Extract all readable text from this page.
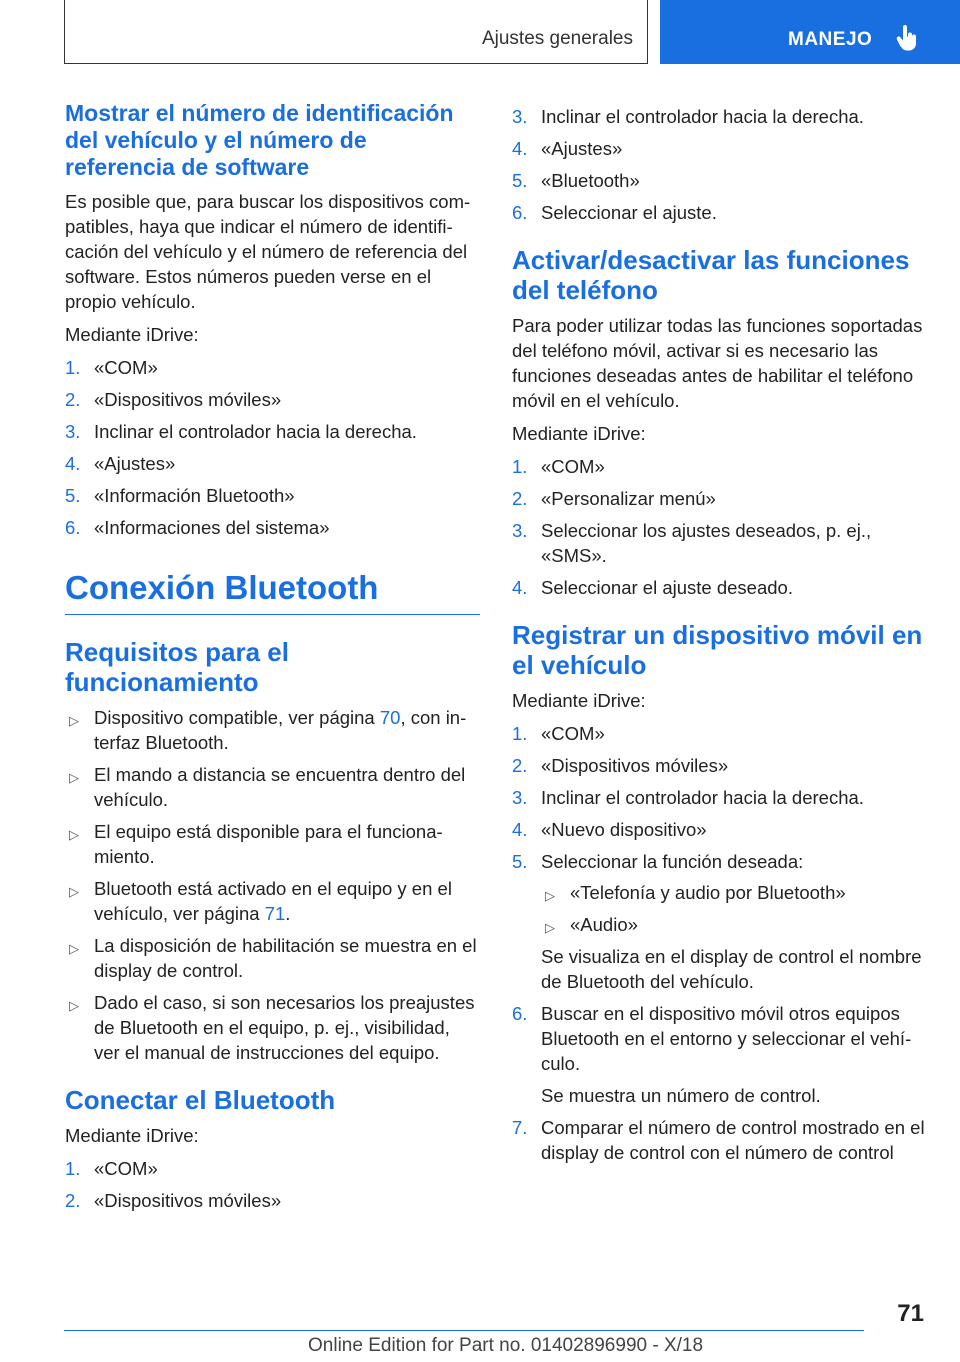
Ajustes generales	MANEJO
Mostrar el número de identificación del vehículo y el número de referencia de software

Es posible que, para buscar los dispositivos compatibles, haya que indicar el número de identificación del vehículo y el número de referencia del software. Estos números pueden verse en el propio vehículo.

Mediante iDrive:

1. «COM»
2. «Dispositivos móviles»
3. Inclinar el controlador hacia la derecha.
4. «Ajustes»
5. «Información Bluetooth»
6. «Informaciones del sistema»
Conexión Bluetooth
Requisitos para el funcionamiento
▷ Dispositivo compatible, ver página 70, con interfaz Bluetooth.
▷ El mando a distancia se encuentra dentro del vehículo.
▷ El equipo está disponible para el funcionamiento.
▷ Bluetooth está activado en el equipo y en el vehículo, ver página 71.
▷ La disposición de habilitación se muestra en el display de control.
▷ Dado el caso, si son necesarios los preajustes de Bluetooth en el equipo, p. ej., visibilidad, ver el manual de instrucciones del equipo.
Conectar el Bluetooth

Mediante iDrive:

1. «COM»
2. «Dispositivos móviles»
3. Inclinar el controlador hacia la derecha.
4. «Ajustes»
5. «Bluetooth»
6. Seleccionar el ajuste.
Activar/desactivar las funciones del teléfono

Para poder utilizar todas las funciones soportadas del teléfono móvil, activar si es necesario las funciones deseadas antes de habilitar el teléfono móvil en el vehículo.

Mediante iDrive:

1. «COM»
2. «Personalizar menú»
3. Seleccionar los ajustes deseados, p. ej., «SMS».
4. Seleccionar el ajuste deseado.
Registrar un dispositivo móvil en el vehículo

Mediante iDrive:

1. «COM»
2. «Dispositivos móviles»
3. Inclinar el controlador hacia la derecha.
4. «Nuevo dispositivo»
5. Seleccionar la función deseada:
▷ «Telefonía y audio por Bluetooth»
▷ «Audio»
Se visualiza en el display de control el nombre de Bluetooth del vehículo.
6. Buscar en el dispositivo móvil otros equipos Bluetooth en el entorno y seleccionar el vehículo.
Se muestra un número de control.
7. Comparar el número de control mostrado en el display de control con el número de control
71
Online Edition for Part no. 01402896990 - X/18
